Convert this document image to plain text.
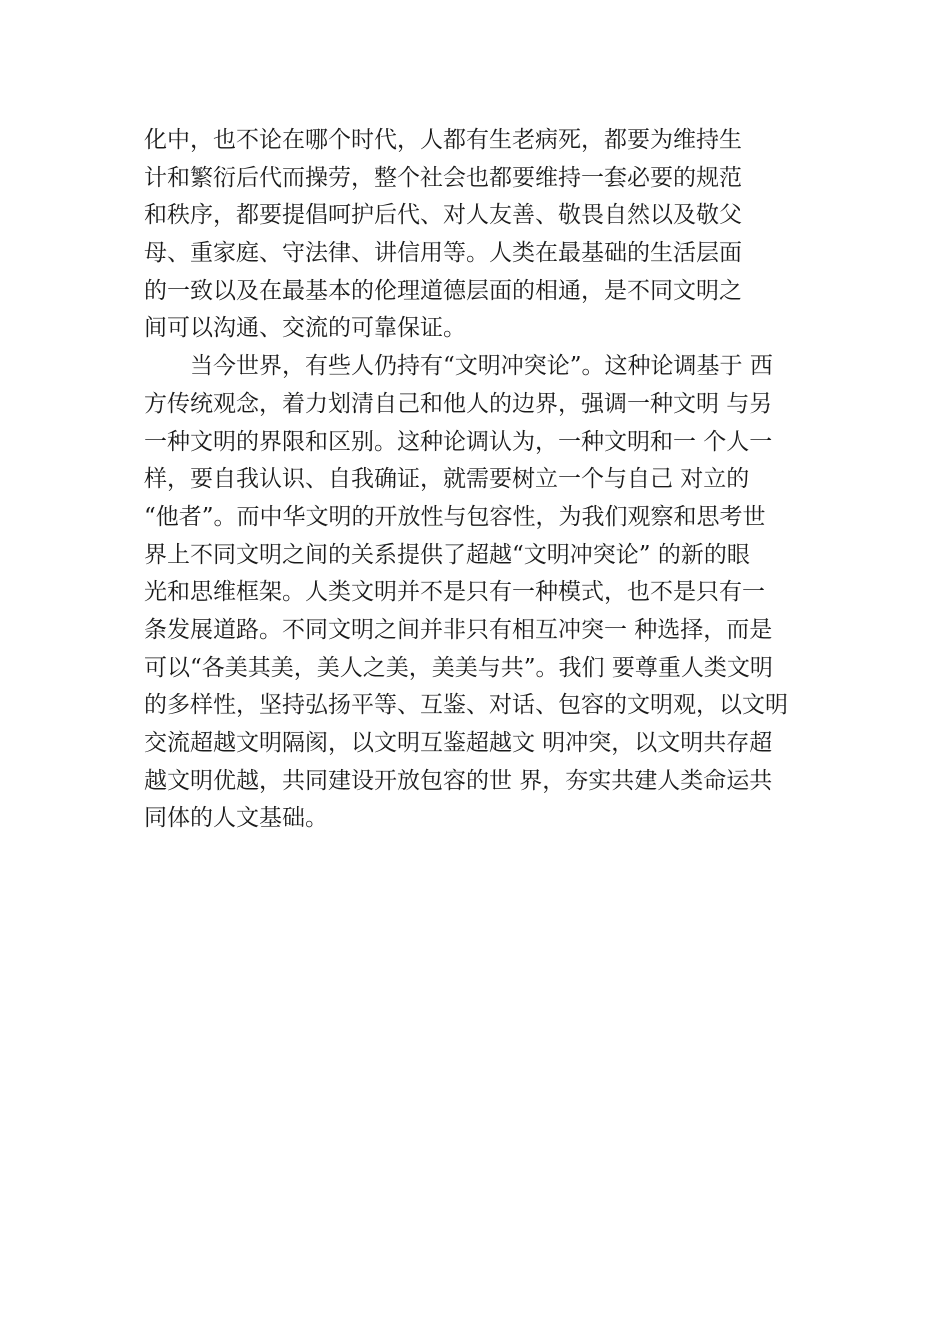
化中，也不论在哪个时代，人都有生老病死，都要为维持生
计和繁衍后代而操劳，整个社会也都要维持一套必要的规范
和秩序，都要提倡呵护后代、对人友善、敬畏自然以及敬父
母、重家庭、守法律、讲信用等。人类在最基础的生活层面
的一致以及在最基本的伦理道德层面的相通，是不同文明之
间可以沟通、交流的可靠保证。
当今世界，有些人仍持有“文明冲突论”。这种论调基于 西
方传统观念，着力划清自己和他人的边界，强调一种文明 与另
一种文明的界限和区别。这种论调认为，一种文明和一 个人一
样，要自我认识、自我确证，就需要树立一个与自己 对立的
“他者”。而中华文明的开放性与包容性，为我们观察和思考世
界上不同文明之间的关系提供了超越“文明冲突论” 的新的眼
光和思维框架。人类文明并不是只有一种模式，也不是只有一
条发展道路。不同文明之间并非只有相互冲突一 种选择，而是
可以“各美其美，美人之美，美美与共”。我们 要尊重人类文明
的多样性，坚持弘扬平等、互鉴、对话、包容的文明观，以文明
交流超越文明隔阂，以文明互鉴超越文 明冲突，以文明共存超
越文明优越，共同建设开放包容的世 界，夯实共建人类命运共
同体的人文基础。
